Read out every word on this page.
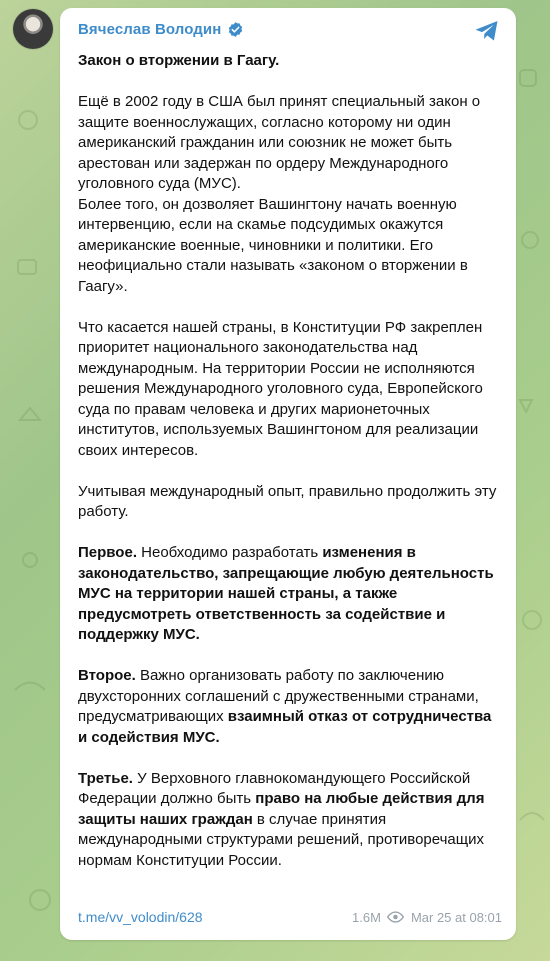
Вячеслав Володин

Закон о вторжении в Гаагу.

Ещё в 2002 году в США был принят специальный закон о защите военнослужащих, согласно которому ни один американский гражданин или союзник не может быть арестован или задержан по ордеру Международного уголовного суда (МУС).

Более того, он дозволяет Вашингтону начать военную интервенцию, если на скамье подсудимых окажутся американские военные, чиновники и политики. Его неофициально стали называть «законом о вторжении в Гаагу».

Что касается нашей страны, в Конституции РФ закреплен приоритет национального законодательства над международным. На территории России не исполняются решения Международного уголовного суда, Европейского суда по правам человека и других марионеточных институтов, используемых Вашингтоном для реализации своих интересов.

Учитывая международный опыт, правильно продолжить эту работу.

Первое. Необходимо разработать изменения в законодательство, запрещающие любую деятельность МУС на территории нашей страны, а также предусмотреть ответственность за содействие и поддержку МУС.

Второе. Важно организовать работу по заключению двухсторонних соглашений с дружественными странами, предусматривающих взаимный отказ от сотрудничества и содействия МУС.

Третье. У Верховного главнокомандующего Российской Федерации должно быть право на любые действия для защиты наших граждан в случае принятия международными структурами решений, противоречащих нормам Конституции России.

t.me/vv_volodin/628	1.6M Mar 25 at 08:01
